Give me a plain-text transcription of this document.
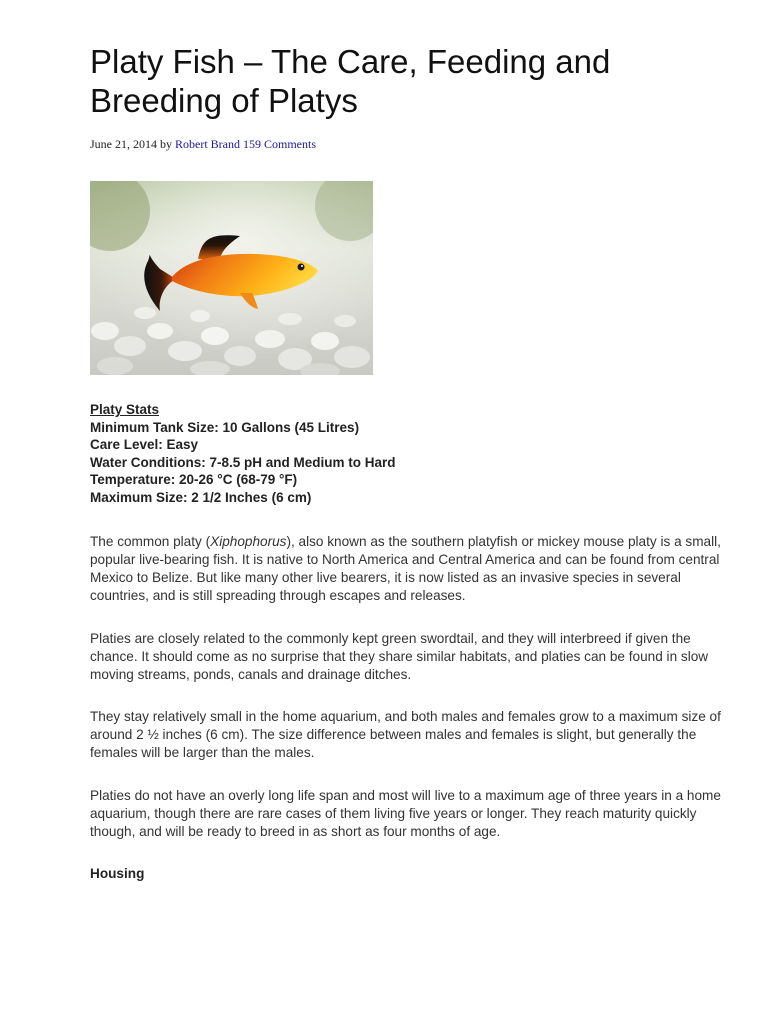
Platy Fish – The Care, Feeding and Breeding of Platys
June 21, 2014 by Robert Brand 159 Comments
Platy Stats
Minimum Tank Size: 10 Gallons (45 Litres)
Care Level: Easy
Water Conditions: 7-8.5 pH and Medium to Hard
Temperature: 20-26 °C (68-79 °F)
Maximum Size: 2 1/2 Inches (6 cm)

The common platy (Xiphophorus), also known as the southern platyfish or mickey mouse platy is a small, popular live-bearing fish. It is native to North America and Central America and can be found from central Mexico to Belize. But like many other live bearers, it is now listed as an invasive species in several countries, and is still spreading through escapes and releases.

Platies are closely related to the commonly kept green swordtail, and they will interbreed if given the chance. It should come as no surprise that they share similar habitats, and platies can be found in slow moving streams, ponds, canals and drainage ditches.

They stay relatively small in the home aquarium, and both males and females grow to a maximum size of around 2 ½ inches (6 cm). The size difference between males and females is slight, but generally the females will be larger than the males.

Platies do not have an overly long life span and most will live to a maximum age of three years in a home aquarium, though there are rare cases of them living five years or longer. They reach maturity quickly though, and will be ready to breed in as short as four months of age.

Housing
